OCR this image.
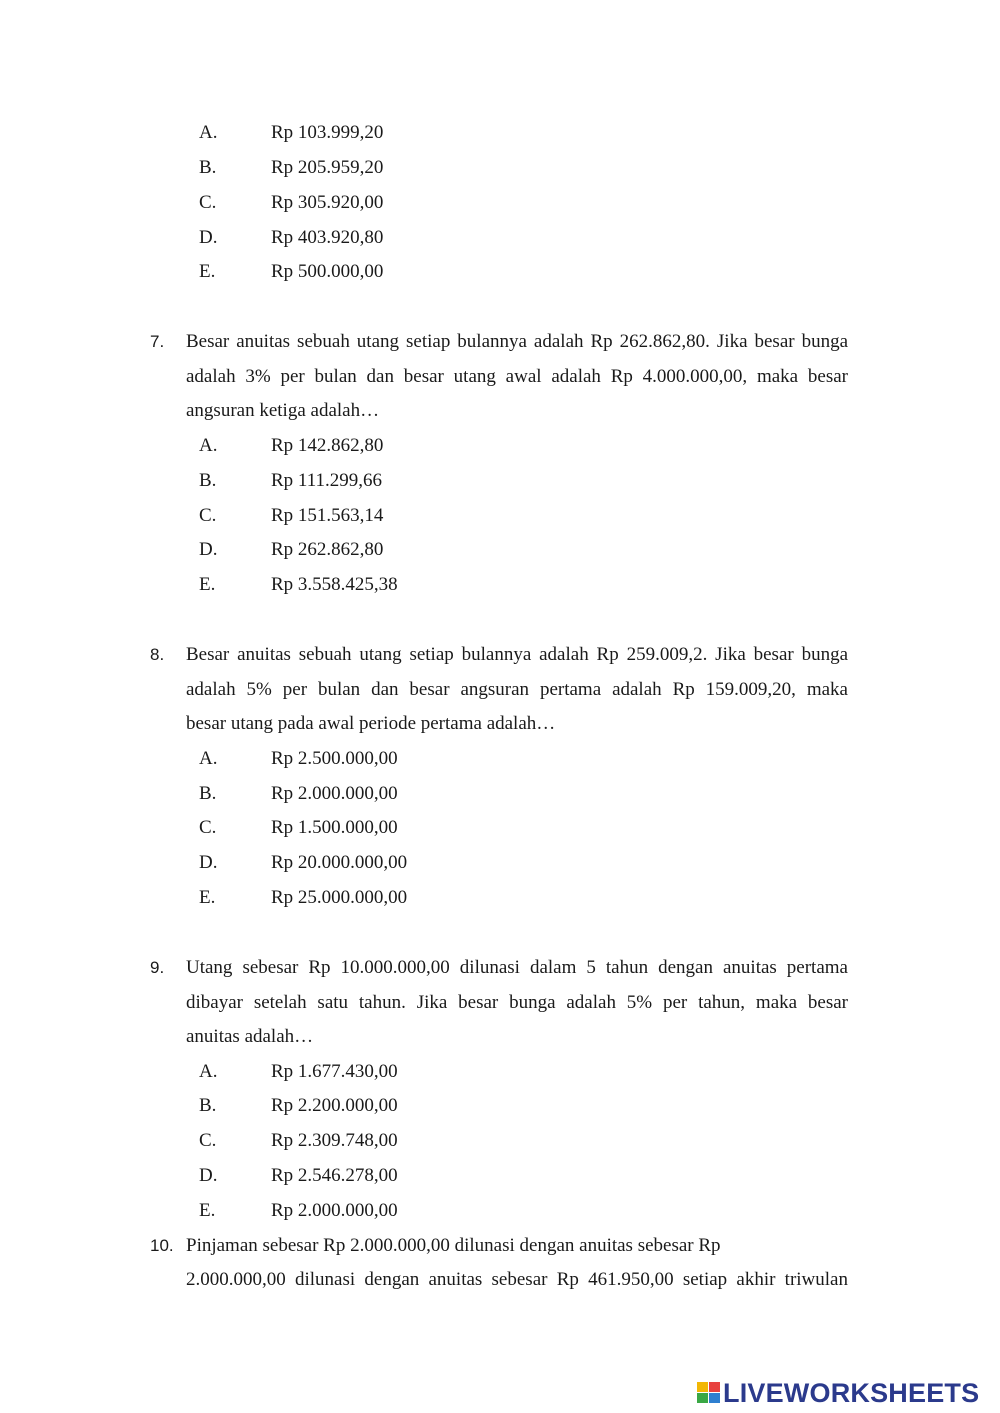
A.	Rp 103.999,20
B.	Rp 205.959,20
C.	Rp 305.920,00
D.	Rp 403.920,80
E.	Rp 500.000,00
7. Besar anuitas sebuah utang setiap bulannya adalah Rp 262.862,80. Jika besar bunga
adalah 3% per bulan dan besar utang awal adalah Rp 4.000.000,00, maka besar
angsuran ketiga adalah…
A.	Rp 142.862,80
B.	Rp 111.299,66
C.	Rp 151.563,14
D.	Rp 262.862,80
E.	Rp 3.558.425,38
8. Besar anuitas sebuah utang setiap bulannya adalah Rp 259.009,2. Jika besar bunga
adalah 5% per bulan dan besar angsuran pertama adalah Rp 159.009,20, maka
besar utang pada awal periode pertama adalah…
A.	Rp 2.500.000,00
B.	Rp 2.000.000,00
C.	Rp 1.500.000,00
D.	Rp 20.000.000,00
E.	Rp 25.000.000,00
9. Utang sebesar Rp 10.000.000,00 dilunasi dalam 5 tahun dengan anuitas pertama
dibayar setelah satu tahun. Jika besar bunga adalah 5% per tahun, maka besar
anuitas adalah…
A.	Rp 1.677.430,00
B.	Rp 2.200.000,00
C.	Rp 2.309.748,00
D.	Rp 2.546.278,00
E.	Rp 2.000.000,00
10. Pinjaman sebesar Rp 2.000.000,00 dilunasi dengan anuitas sebesar Rp
2.000.000,00 dilunasi dengan anuitas sebesar Rp 461.950,00 setiap akhir triwulan
LIVEWORKSHEETS
